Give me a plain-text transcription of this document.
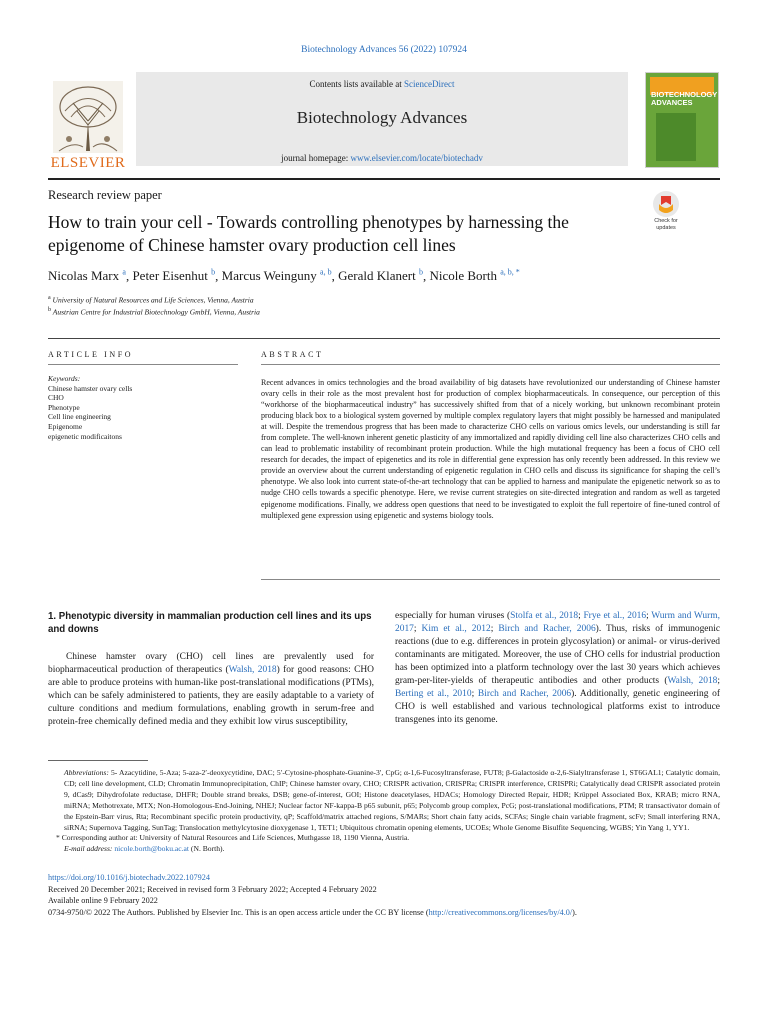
Biotechnology Advances 56 (2022) 107924
ELSEVIER
Contents lists available at ScienceDirect
Biotechnology Advances
journal homepage: www.elsevier.com/locate/biotechadv
BIOTECHNOLOGY ADVANCES
Research review paper
How to train your cell - Towards controlling phenotypes by harnessing the epigenome of Chinese hamster ovary production cell lines
Check for updates
Nicolas Marx $^a$, Peter Eisenhut $^b$, Marcus Weinguny $^{a, b}$, Gerald Klanert $^b$, Nicole Borth $^{a, b, *}$
$^a$ University of Natural Resources and Life Sciences, Vienna, Austria
$^b$ Austrian Centre for Industrial Biotechnology GmbH, Vienna, Austria
ARTICLE INFO	ABSTRACT
Keywords:
Chinese hamster ovary cells
CHO
Phenotype
Cell line engineering
Epigenome
epigenetic modificaitons
Recent advances in omics technologies and the broad availability of big datasets have revolutionized our understanding of Chinese hamster ovary cells in their role as the most prevalent host for production of complex biopharmaceuticals. In consequence, our perception of this “workhorse of the biopharmaceutical industry” has successively shifted from that of a nicely working, but unknown recombinant protein producing black box to a biological system governed by multiple complex regulatory layers that might possibly be harnessed and manipulated at will. Despite the tremendous progress that has been made to characterize CHO cells on various omics levels, our understanding is still far from complete. The well-known inherent genetic plasticity of any immortalized and rapidly dividing cell line also characterizes CHO cells and can lead to problematic instability of recombinant protein production. While the high mutational frequency has been a focus of CHO cell research for decades, the impact of epigenetics and its role in differential gene expression has only recently been addressed. In this review we provide an overview about the current understanding of epigenetic regulation in CHO cells and discuss its significance for shaping the cell’s phenotype. We also look into current state-of-the-art technology that can be applied to harness and manipulate the epigenetic network so as to nudge CHO cells towards a specific phenotype. Here, we revise current strategies on site-directed integration and random as well as targeted epigenome modifications. Finally, we address open questions that need to be investigated to exploit the full repertoire of fine-tuned control of multiplexed gene expression using epigenetic and systems biology tools.
1. Phenotypic diversity in mammalian production cell lines and its ups and downs
Chinese hamster ovary (CHO) cell lines are prevalently used for biopharmaceutical production of therapeutics (Walsh, 2018) for good reasons: CHO are able to produce proteins with human-like post-translational modifications (PTMs), which can be safely administered to patients, they are easily adaptable to a variety of culture conditions and medium formulations, enabling growth in serum-free and protein-free chemically defined media and they exhibit low virus susceptibility,
especially for human viruses (Stolfa et al., 2018; Frye et al., 2016; Wurm and Wurm, 2017; Kim et al., 2012; Birch and Racher, 2006). Thus, risks of immunogenic reactions (due to e.g. differences in protein glycosylation) or animal- or virus-derived contaminants are mitigated. Moreover, the use of CHO cells for industrial production has been optimized into a platform technology over the last 30 years which achieves gram-per-liter-yields of therapeutic antibodies and other products (Walsh, 2018; Berting et al., 2010; Birch and Racher, 2006). Additionally, genetic engineering of CHO is well established and various technological platforms exist to introduce transgenes into its genome.
Abbreviations: 5- Azacytidine, 5-Aza; 5-aza-2′-deoxycytidine, DAC; 5′-Cytosine-phosphate-Guanine-3′, CpG; α-1,6-Fucosyltransferase, FUT8; β-Galactoside α-2,6-Sialyltransferase 1, ST6GAL1; Catalytic domain, CD; cell line development, CLD; Chromatin Immunoprecipitation, ChIP; Chinese hamster ovary, CHO; CRISPR activation, CRISPRa; CRISPR interference, CRISPRi; Catalytically dead CRISPR associated protein 9, dCas9; Dihydrofolate reductase, DHFR; Double strand breaks, DSB; gene-of-interest, GOI; Histone deacetylases, HDACs; Homology Directed Repair, HDR; Krüppel Associated Box, KRAB; micro RNA, miRNA; Methotrexate, MTX; Non-Homologous-End-Joining, NHEJ; Nuclear factor NF-kappa-B p65 subunit, p65; Polycomb group complex, PcG; post-translational modifications, PTM; R transactivator domain of the Epstein-Barr virus, Rta; Recombinant specific protein productivity, qP; Scaffold/matrix attached regions, S/MARs; Short chain fatty acids, SCFAs; Single chain variable fragment, scFv; Small interfering RNA, siRNA; Supernova Tagging, SunTag; Translocation methylcytosine dioxygenase 1, TET1; Ubiquitous chromatin opening elements, UCOEs; Whole Genome Bisulfite Sequencing, WGBS; Yin Yang 1, YY1.
* Corresponding author at: University of Natural Resources and Life Sciences, Muthgasse 18, 1190 Vienna, Austria.
E-mail address: nicole.borth@boku.ac.at (N. Borth).
https://doi.org/10.1016/j.biotechadv.2022.107924
Received 20 December 2021; Received in revised form 3 February 2022; Accepted 4 February 2022
Available online 9 February 2022
0734-9750/© 2022 The Authors. Published by Elsevier Inc. This is an open access article under the CC BY license (http://creativecommons.org/licenses/by/4.0/).
